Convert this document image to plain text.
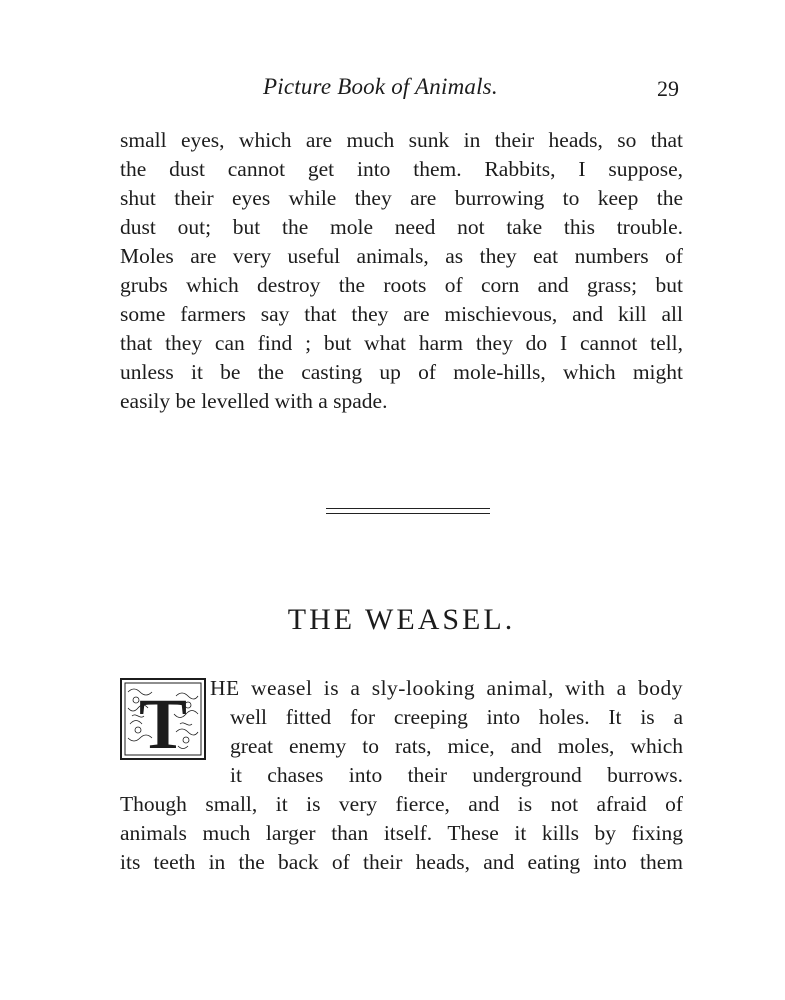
Picture Book of Animals.	29
small eyes, which are much sunk in their heads, so that
the dust cannot get into them. Rabbits, I suppose,
shut their eyes while they are burrowing to keep the
dust out; but the mole need not take this trouble.
Moles are very useful animals, as they eat numbers of
grubs which destroy the roots of corn and grass; but
some farmers say that they are mischievous, and kill all
that they can find ; but what harm they do I cannot tell,
unless it be the casting up of mole-hills, which might
easily be levelled with a spade.
THE WEASEL.
T HE weasel is a sly-looking animal, with a body
well fitted for creeping into holes. It is a
great enemy to rats, mice, and moles, which
it chases into their underground burrows.
Though small, it is very fierce, and is not afraid of
animals much larger than itself. These it kills by fixing
its teeth in the back of their heads, and eating into them
